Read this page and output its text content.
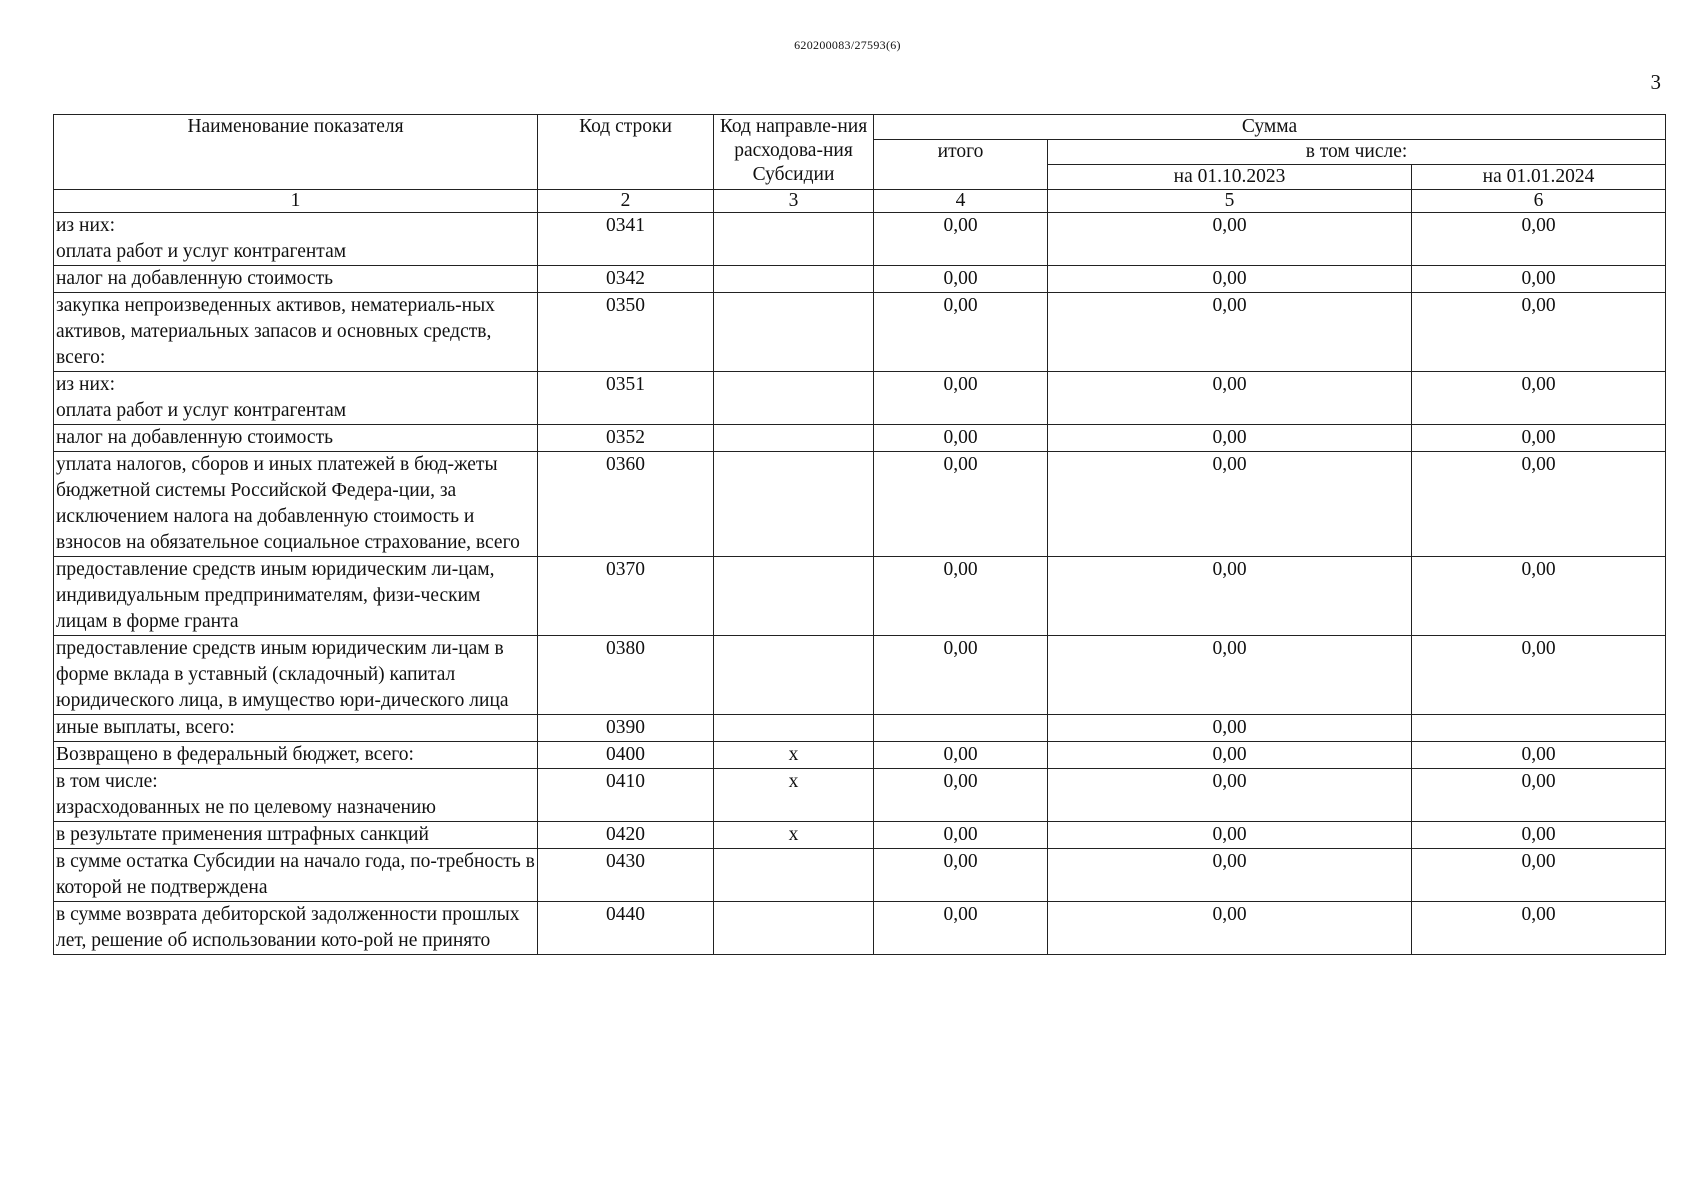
620200083/27593(6)
3
Наименование показателя	Код строки	Код направле-ния расходова-ния Субсидии	Сумма		
			итого	в том числе:	
				на 01.10.2023	на 01.01.2024
1	2	3	4	5	6
из них:
оплата работ и услуг контрагентам	0341		0,00	0,00	0,00
налог на добавленную стоимость	0342		0,00	0,00	0,00
закупка непроизведенных активов, нематериаль-ных активов, материальных запасов и основных средств, всего:	0350		0,00	0,00	0,00
из них:
оплата работ и услуг контрагентам	0351		0,00	0,00	0,00
налог на добавленную стоимость	0352		0,00	0,00	0,00
уплата налогов, сборов и иных платежей в бюд-жеты бюджетной системы Российской Федера-ции, за исключением налога на добавленную стоимость и взносов на обязательное социальное страхование, всего	0360		0,00	0,00	0,00
предоставление средств иным юридическим ли-цам, индивидуальным предпринимателям, физи-ческим лицам в форме гранта	0370		0,00	0,00	0,00
предоставление средств иным юридическим ли-цам в форме вклада в уставный (складочный) капитал юридического лица, в имущество юри-дического лица	0380		0,00	0,00	0,00
иные выплаты, всего:	0390			0,00	
Возвращено в федеральный бюджет, всего:	0400	x	0,00	0,00	0,00
в том числе:
израсходованных не по целевому назначению	0410	x	0,00	0,00	0,00
в результате применения штрафных санкций	0420	x	0,00	0,00	0,00
в сумме остатка Субсидии на начало года, по-требность в которой не подтверждена	0430		0,00	0,00	0,00
в сумме возврата дебиторской задолженности прошлых лет, решение об использовании кото-рой не принято	0440		0,00	0,00	0,00
